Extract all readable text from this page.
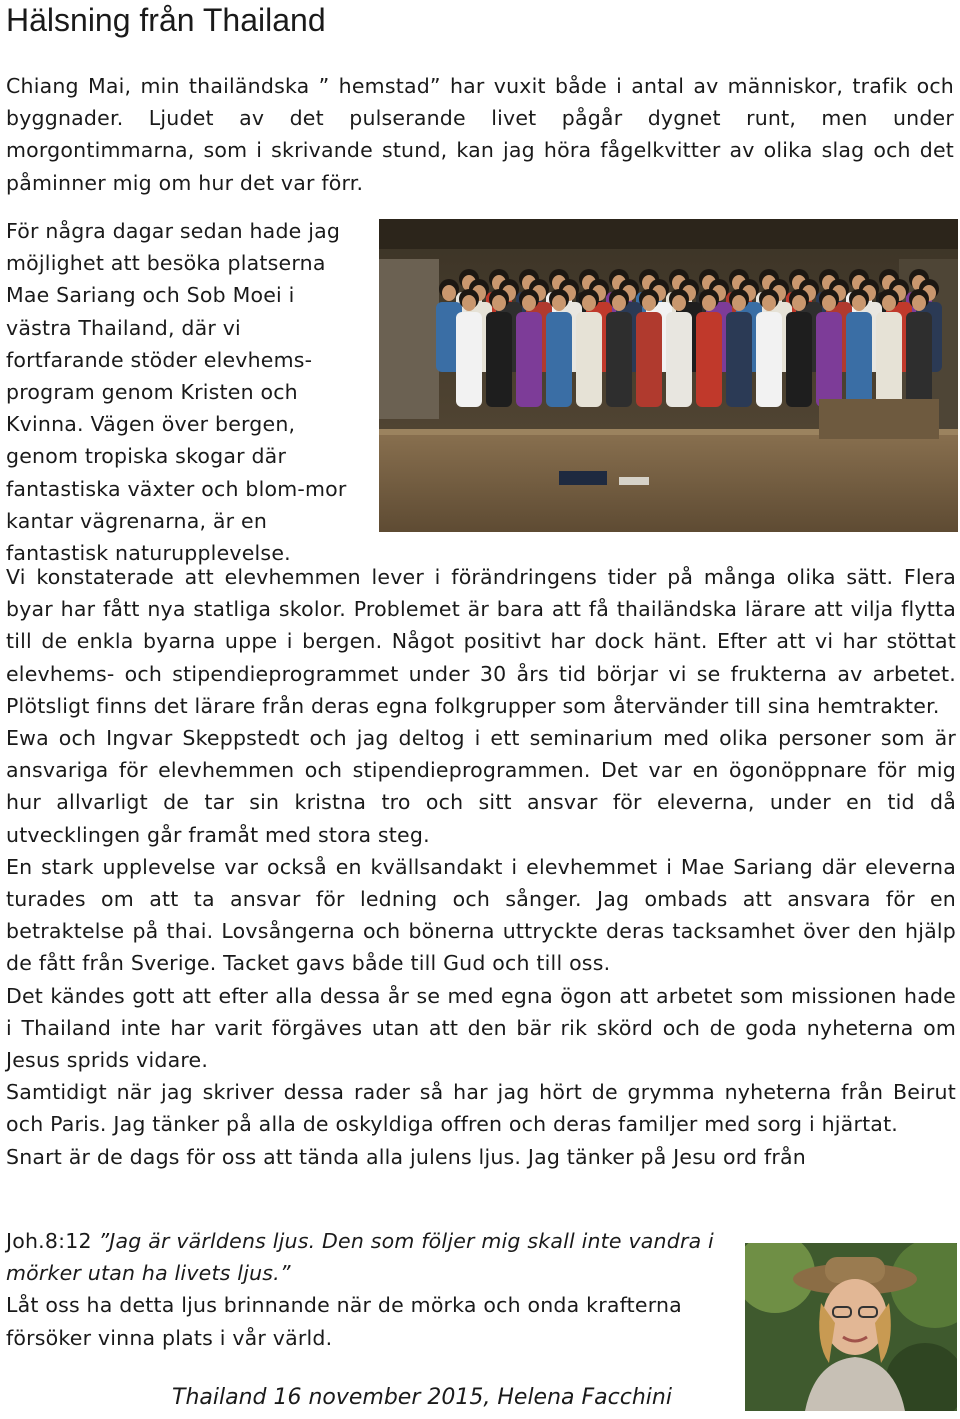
Hälsning från Thailand

Chiang Mai, min thailändska ” hemstad” har vuxit både i antal av människor, trafik och byggnader. Ljudet av det pulserande livet pågår dygnet runt, men under morgontimmarna, som i skrivande stund, kan jag höra fågelkvitter av olika slag och det påminner mig om hur det var förr.

För några dagar sedan hade jag möjlighet att besöka platserna Mae Sariang och Sob Moei i västra Thailand, där vi fortfarande stöder elevhems-program genom Kristen och Kvinna. Vägen över bergen, genom tropiska skogar där fantastiska växter och blom-mor kantar vägrenarna, är en fantastisk naturupplevelse.

Vi konstaterade att elevhemmen lever i förändringens tider på många olika sätt. Flera byar har fått nya statliga skolor. Problemet är bara att få thailändska lärare att vilja flytta till de enkla byarna uppe i bergen. Något positivt har dock hänt. Efter att vi har stöttat elevhems- och stipendieprogrammet under 30 års tid börjar vi se frukterna av arbetet. Plötsligt finns det lärare från deras egna folkgrupper som återvänder till sina hemtrakter.
Ewa och Ingvar Skeppstedt och jag deltog i ett seminarium med olika personer som är ansvariga för elevhemmen och stipendieprogrammen. Det var en ögonöppnare för mig hur allvarligt de tar sin kristna tro och sitt ansvar för eleverna, under en tid då utvecklingen går framåt med stora steg.
En stark upplevelse var också en kvällsandakt i elevhemmet i Mae Sariang där eleverna turades om att ta ansvar för ledning och sånger. Jag ombads att ansvara för en betraktelse på thai. Lovsångerna och bönerna uttryckte deras tacksamhet över den hjälp de fått från Sverige. Tacket gavs både till Gud och till oss.
Det kändes gott att efter alla dessa år se med egna ögon att arbetet som missionen hade i Thailand inte har varit förgäves utan att den bär rik skörd och de goda nyheterna om Jesus sprids vidare.
Samtidigt när jag skriver dessa rader så har jag hört de grymma nyheterna från Beirut och Paris. Jag tänker på alla de oskyldiga offren och deras familjer med sorg i hjärtat.
Snart är de dags för oss att tända alla julens ljus. Jag tänker på Jesu ord från

Joh.8:12 ”Jag är världens ljus. Den som följer mig skall inte vandra i mörker utan ha livets ljus.”
Låt oss ha detta ljus brinnande när de mörka och onda krafterna försöker vinna plats i vår värld.

Thailand 16 november 2015, Helena Facchini
